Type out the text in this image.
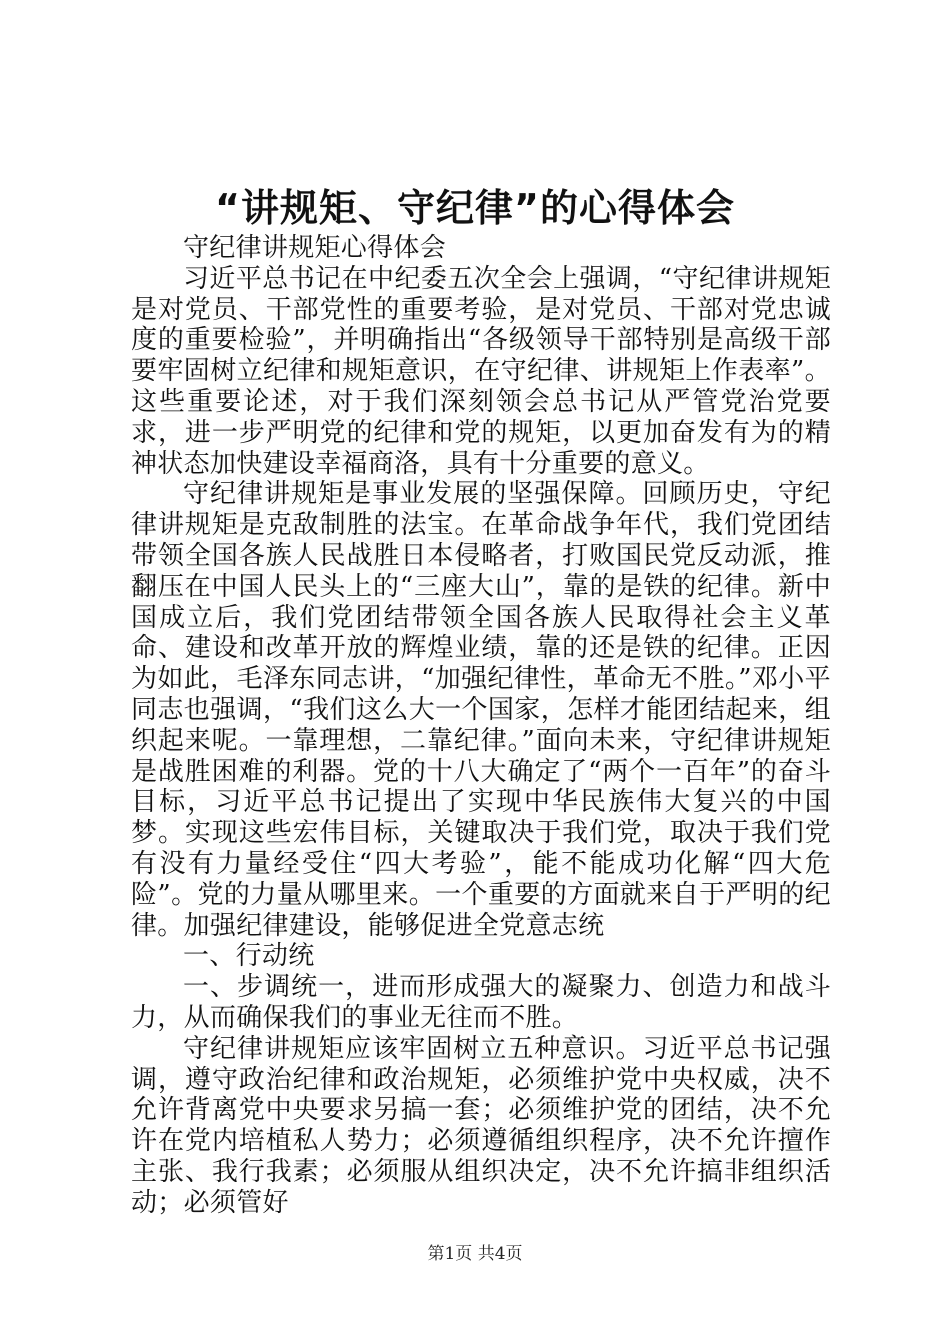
“讲规矩、守纪律”的心得体会

守纪律讲规矩心得体会

习近平总书记在中纪委五次全会上强调，“守纪律讲规矩是对党员、干部党性的重要考验，是对党员、干部对党忠诚度的重要检验”，并明确指出“各级领导干部特别是高级干部要牢固树立纪律和规矩意识，在守纪律、讲规矩上作表率”。这些重要论述，对于我们深刻领会总书记从严管党治党要求，进一步严明党的纪律和党的规矩，以更加奋发有为的精神状态加快建设幸福商洛，具有十分重要的意义。

守纪律讲规矩是事业发展的坚强保障。回顾历史，守纪律讲规矩是克敌制胜的法宝。在革命战争年代，我们党团结带领全国各族人民战胜日本侵略者，打败国民党反动派，推翻压在中国人民头上的“三座大山”，靠的是铁的纪律。新中国成立后，我们党团结带领全国各族人民取得社会主义革命、建设和改革开放的辉煌业绩，靠的还是铁的纪律。正因为如此，毛泽东同志讲，“加强纪律性，革命无不胜。”邓小平同志也强调，“我们这么大一个国家，怎样才能团结起来，组织起来呢。一靠理想，二靠纪律。”面向未来，守纪律讲规矩是战胜困难的利器。党的十八大确定了“两个一百年”的奋斗目标，习近平总书记提出了实现中华民族伟大复兴的中国梦。实现这些宏伟目标，关键取决于我们党，取决于我们党有没有力量经受住“四大考验”，能不能成功化解“四大危险”。党的力量从哪里来。一个重要的方面就来自于严明的纪律。加强纪律建设，能够促进全党意志统

一、行动统

一、步调统一，进而形成强大的凝聚力、创造力和战斗力，从而确保我们的事业无往而不胜。

守纪律讲规矩应该牢固树立五种意识。习近平总书记强调，遵守政治纪律和政治规矩，必须维护党中央权威，决不允许背离党中央要求另搞一套；必须维护党的团结，决不允许在党内培植私人势力；必须遵循组织程序，决不允许擅作主张、我行我素；必须服从组织决定，决不允许搞非组织活动；必须管好

第1页 共4页
